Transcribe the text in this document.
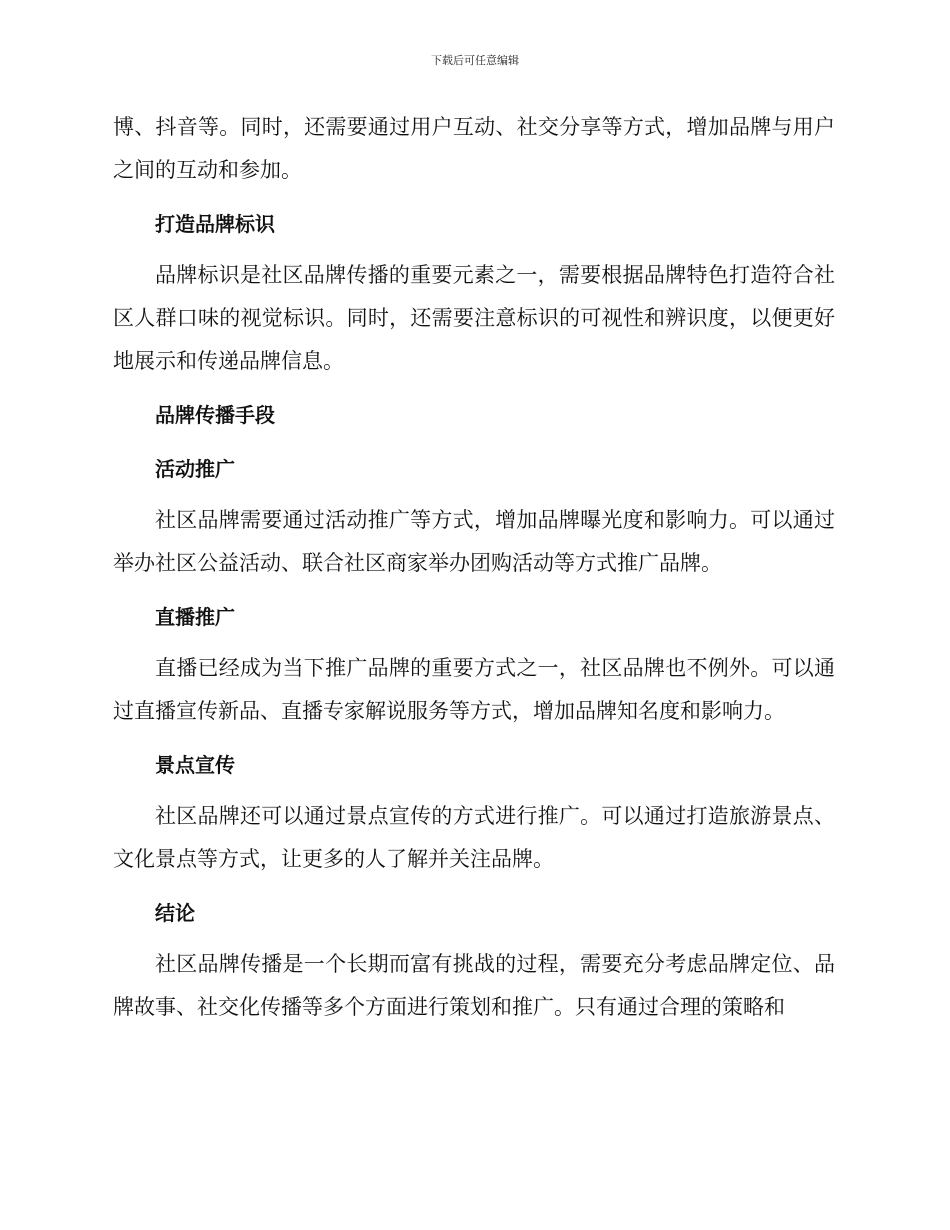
下载后可任意编辑

博、抖音等。同时，还需要通过用户互动、社交分享等方式，增加品牌与用户之间的互动和参加。

打造品牌标识

品牌标识是社区品牌传播的重要元素之一，需要根据品牌特色打造符合社区人群口味的视觉标识。同时，还需要注意标识的可视性和辨识度，以便更好地展示和传递品牌信息。

品牌传播手段
活动推广

社区品牌需要通过活动推广等方式，增加品牌曝光度和影响力。可以通过举办社区公益活动、联合社区商家举办团购活动等方式推广品牌。

直播推广

直播已经成为当下推广品牌的重要方式之一，社区品牌也不例外。可以通过直播宣传新品、直播专家解说服务等方式，增加品牌知名度和影响力。

景点宣传

社区品牌还可以通过景点宣传的方式进行推广。可以通过打造旅游景点、文化景点等方式，让更多的人了解并关注品牌。

结论

社区品牌传播是一个长期而富有挑战的过程，需要充分考虑品牌定位、品牌故事、社交化传播等多个方面进行策划和推广。只有通过合理的策略和
